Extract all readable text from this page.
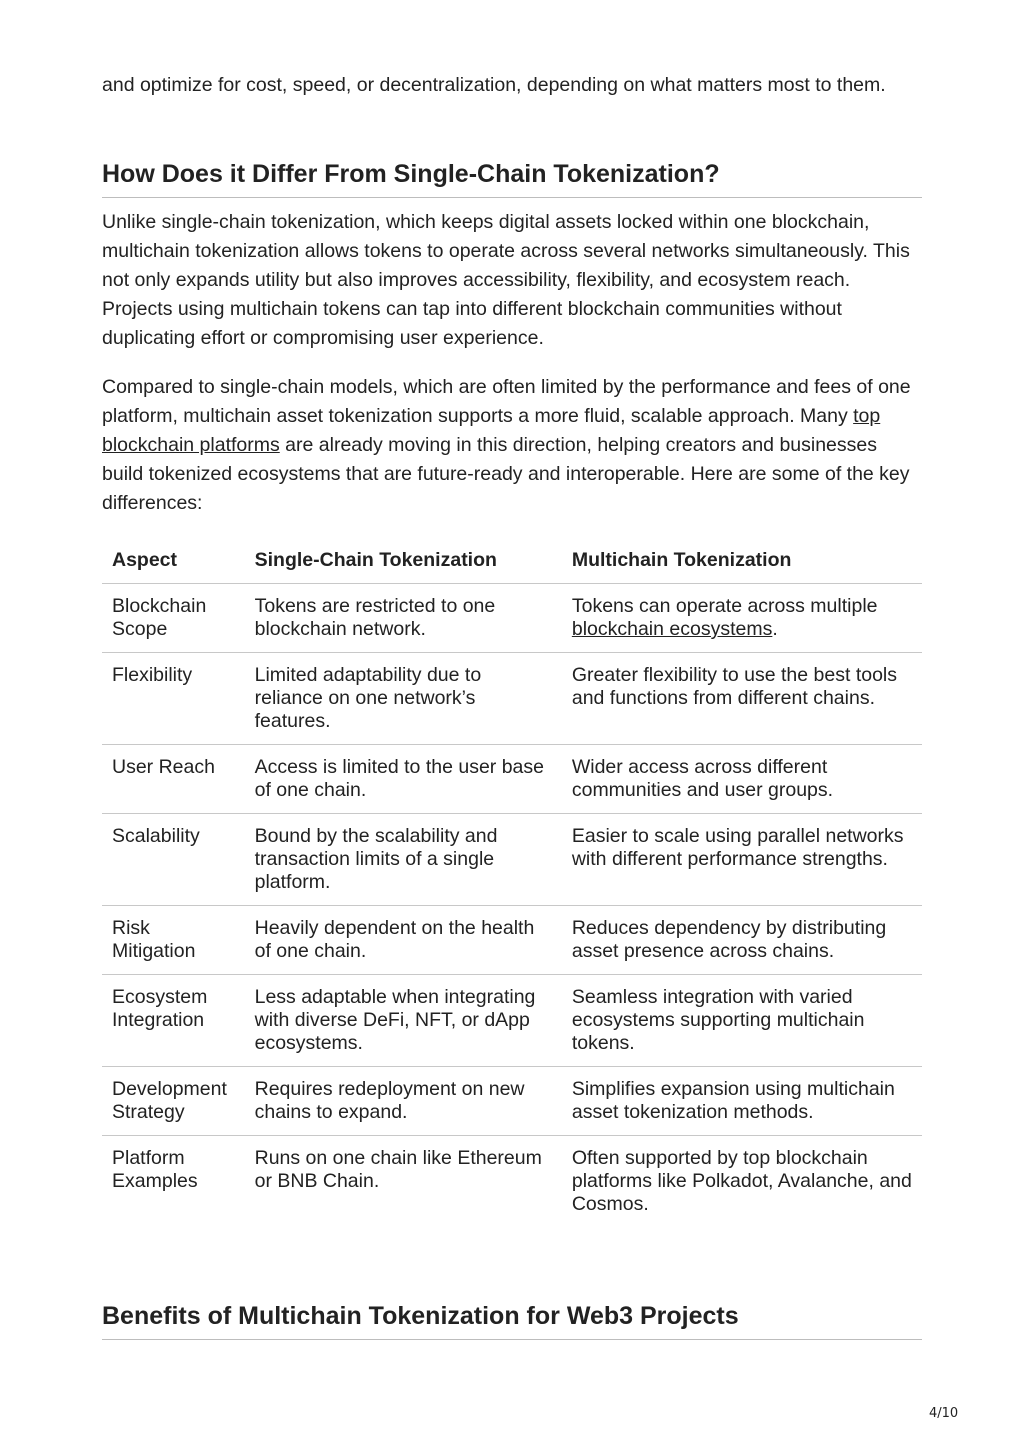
and optimize for cost, speed, or decentralization, depending on what matters most to them.

How Does it Differ From Single-Chain Tokenization?

Unlike single-chain tokenization, which keeps digital assets locked within one blockchain, multichain tokenization allows tokens to operate across several networks simultaneously. This not only expands utility but also improves accessibility, flexibility, and ecosystem reach. Projects using multichain tokens can tap into different blockchain communities without duplicating effort or compromising user experience.

Compared to single-chain models, which are often limited by the performance and fees of one platform, multichain asset tokenization supports a more fluid, scalable approach. Many top blockchain platforms are already moving in this direction, helping creators and businesses build tokenized ecosystems that are future-ready and interoperable. Here are some of the key differences:

Aspect	Single-Chain Tokenization	Multichain Tokenization
Blockchain Scope	Tokens are restricted to one blockchain network.	Tokens can operate across multiple blockchain ecosystems.
Flexibility	Limited adaptability due to reliance on one network’s features.	Greater flexibility to use the best tools and functions from different chains.
User Reach	Access is limited to the user base of one chain.	Wider access across different communities and user groups.
Scalability	Bound by the scalability and transaction limits of a single platform.	Easier to scale using parallel networks with different performance strengths.
Risk Mitigation	Heavily dependent on the health of one chain.	Reduces dependency by distributing asset presence across chains.
Ecosystem Integration	Less adaptable when integrating with diverse DeFi, NFT, or dApp ecosystems.	Seamless integration with varied ecosystems supporting multichain tokens.
Development Strategy	Requires redeployment on new chains to expand.	Simplifies expansion using multichain asset tokenization methods.
Platform Examples	Runs on one chain like Ethereum or BNB Chain.	Often supported by top blockchain platforms like Polkadot, Avalanche, and Cosmos.
Benefits of Multichain Tokenization for Web3 Projects
4/10
